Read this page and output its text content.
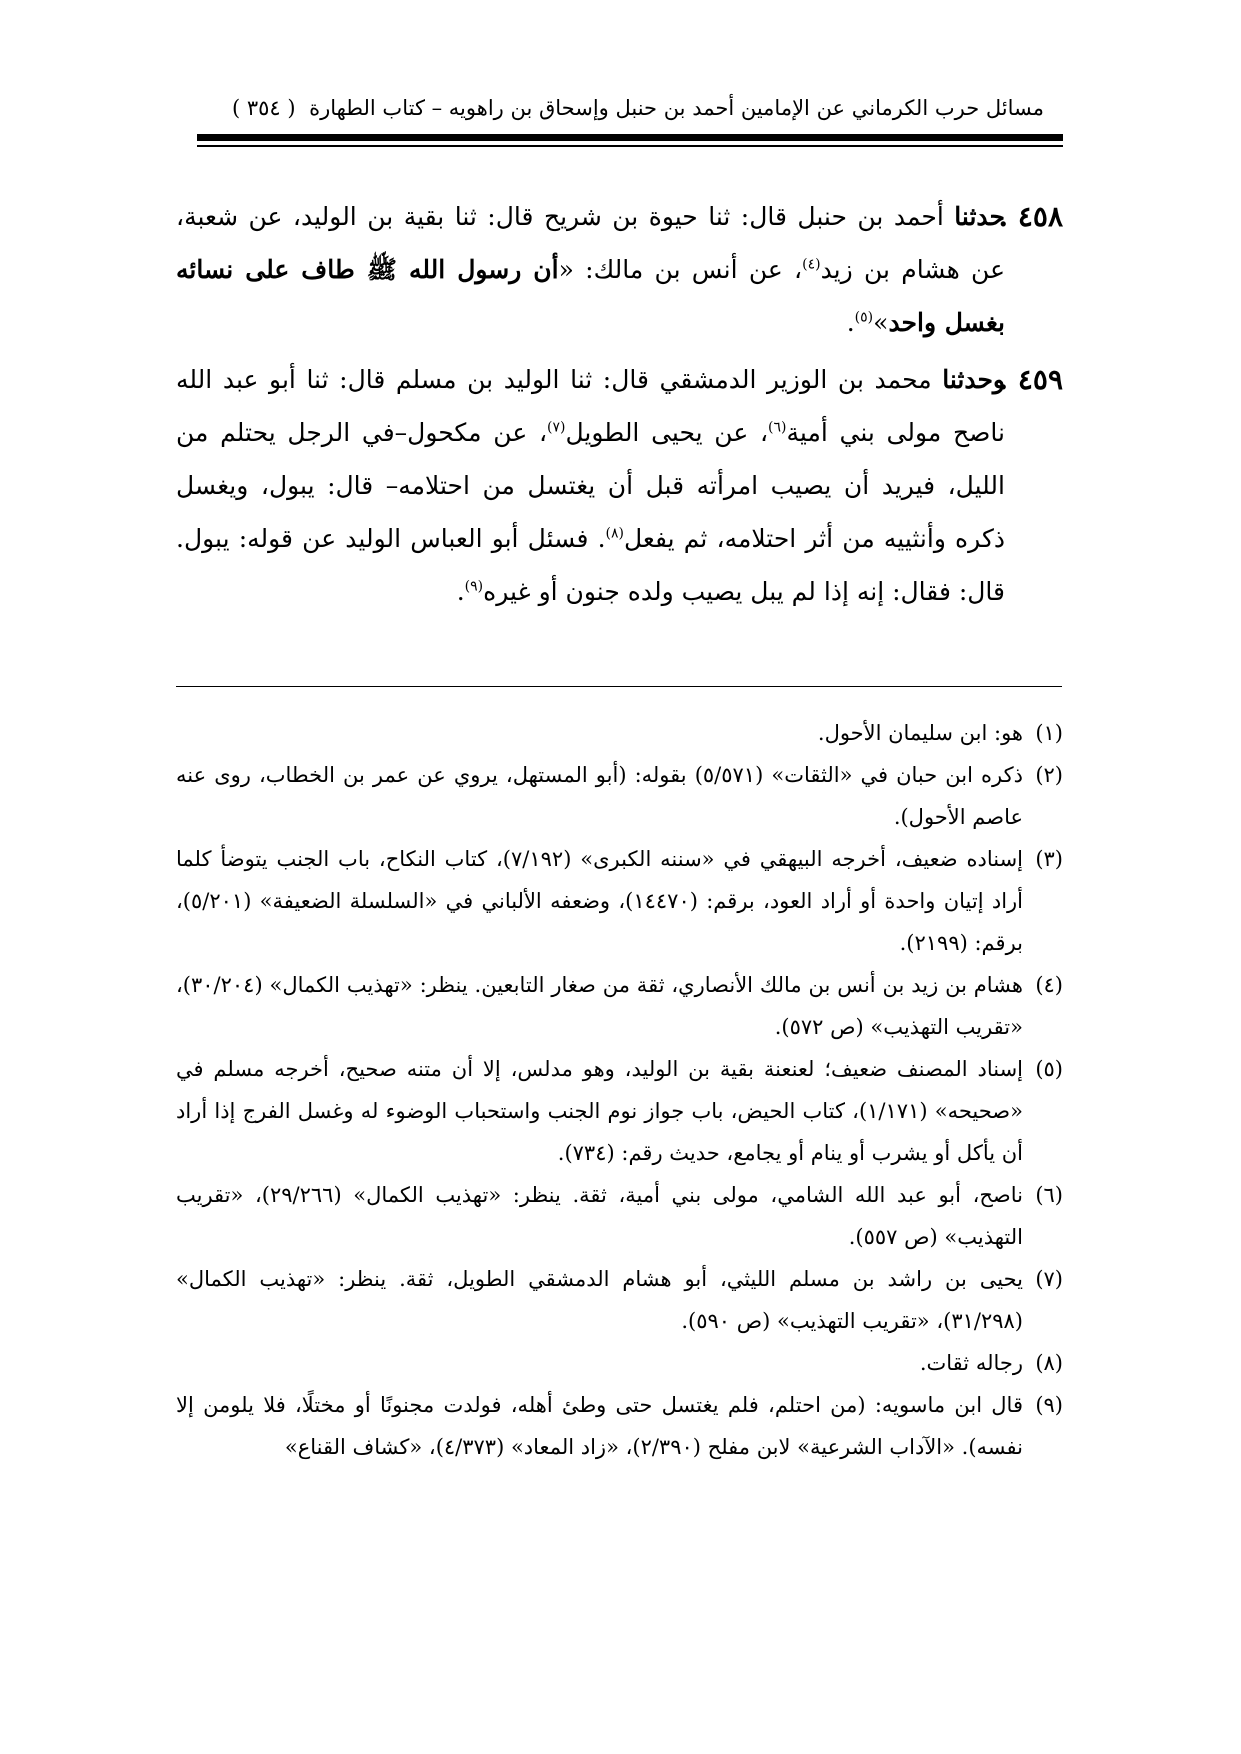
مسائل حرب الكرماني عن الإمامين أحمد بن حنبل وإسحاق بن راهويه – كتاب الطهارة
( ٣٥٤ )

٤٥٨ .
حدثنا أحمد بن حنبل قال: ثنا حيوة بن شريح قال: ثنا بقية بن الوليد، عن شعبة، عن هشام بن زيد$^{(٤)}$، عن أنس بن مالك: «أن رسول الله ﷺ طاف على نسائه بغسل واحد»$^{(٥)}$.

٤٥٩ .
وحدثنا محمد بن الوزير الدمشقي قال: ثنا الوليد بن مسلم قال: ثنا أبو عبد الله ناصح مولى بني أمية$^{(٦)}$، عن يحيى الطويل$^{(٧)}$، عن مكحول–في الرجل يحتلم من الليل، فيريد أن يصيب امرأته قبل أن يغتسل من احتلامه– قال: يبول، ويغسل ذكره وأنثييه من أثر احتلامه، ثم يفعل$^{(٨)}$. فسئل أبو العباس الوليد عن قوله: يبول. قال: فقال: إنه إذا لم يبل يصيب ولده جنون أو غيره$^{(٩)}$.

(١)
هو: ابن سليمان الأحول.

(٢)
ذكره ابن حبان في «الثقات» (٥/٥٧١) بقوله: (أبو المستهل، يروي عن عمر بن الخطاب، روى عنه عاصم الأحول).

(٣)
إسناده ضعيف، أخرجه البيهقي في «سننه الكبرى» (٧/١٩٢)، كتاب النكاح، باب الجنب يتوضأ كلما أراد إتيان واحدة أو أراد العود، برقم: (١٤٤٧٠)، وضعفه الألباني في «السلسلة الضعيفة» (٥/٢٠١)، برقم: (٢١٩٩).

(٤)
هشام بن زيد بن أنس بن مالك الأنصاري، ثقة من صغار التابعين. ينظر: «تهذيب الكمال» (٣٠/٢٠٤)، «تقريب التهذيب» (ص ٥٧٢).

(٥)
إسناد المصنف ضعيف؛ لعنعنة بقية بن الوليد، وهو مدلس، إلا أن متنه صحيح، أخرجه مسلم في «صحيحه» (١/١٧١)، كتاب الحيض، باب جواز نوم الجنب واستحباب الوضوء له وغسل الفرج إذا أراد أن يأكل أو يشرب أو ينام أو يجامع، حديث رقم: (٧٣٤).

(٦)
ناصح، أبو عبد الله الشامي، مولى بني أمية، ثقة. ينظر: «تهذيب الكمال» (٢٩/٢٦٦)، «تقريب التهذيب» (ص ٥٥٧).

(٧)
يحيى بن راشد بن مسلم الليثي، أبو هشام الدمشقي الطويل، ثقة. ينظر: «تهذيب الكمال» (٣١/٢٩٨)، «تقريب التهذيب» (ص ٥٩٠).

(٨)
رجاله ثقات.

(٩)
قال ابن ماسويه: (من احتلم، فلم يغتسل حتى وطئ أهله، فولدت مجنونًا أو مختلًا، فلا يلومن إلا نفسه). «الآداب الشرعية» لابن مفلح (٢/٣٩٠)، «زاد المعاد» (٤/٣٧٣)، «كشاف القناع»
